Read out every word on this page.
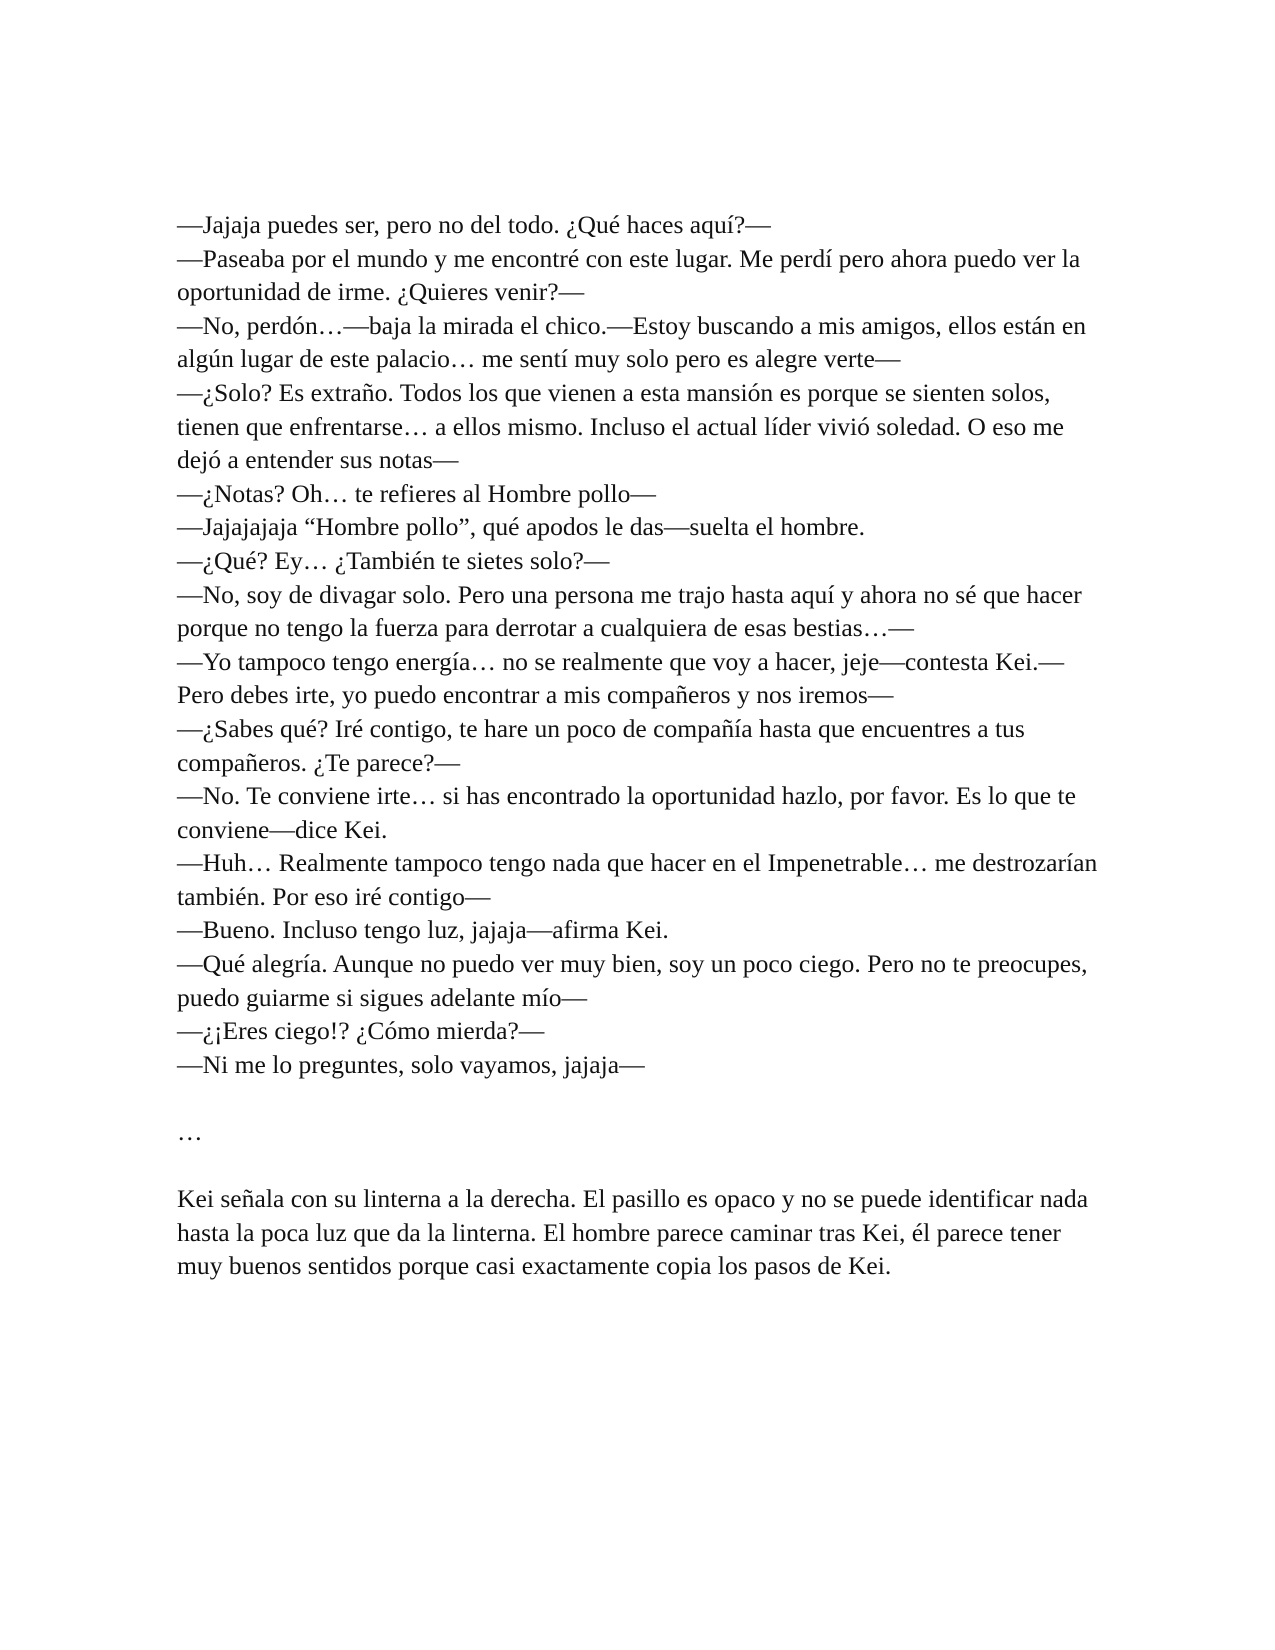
—Jajaja puedes ser, pero no del todo. ¿Qué haces aquí?—

—Paseaba por el mundo y me encontré con este lugar. Me perdí pero ahora puedo ver la oportunidad de irme. ¿Quieres venir?—

—No, perdón…—baja la mirada el chico.—Estoy buscando a mis amigos, ellos están en algún lugar de este palacio… me sentí muy solo pero es alegre verte—

—¿Solo? Es extraño. Todos los que vienen a esta mansión es porque se sienten solos, tienen que enfrentarse… a ellos mismo. Incluso el actual líder vivió soledad. O eso me dejó a entender sus notas—

—¿Notas? Oh… te refieres al Hombre pollo—

—Jajajajaja “Hombre pollo”, qué apodos le das—suelta el hombre.

—¿Qué? Ey… ¿También te sietes solo?—

—No, soy de divagar solo. Pero una persona me trajo hasta aquí y ahora no sé que hacer porque no tengo la fuerza para derrotar a cualquiera de esas bestias…—

—Yo tampoco tengo energía… no se realmente que voy a hacer, jeje—contesta Kei.—Pero debes irte, yo puedo encontrar a mis compañeros y nos iremos—

—¿Sabes qué? Iré contigo, te hare un poco de compañía hasta que encuentres a tus compañeros. ¿Te parece?—

—No. Te conviene irte… si has encontrado la oportunidad hazlo, por favor. Es lo que te conviene—dice Kei.

—Huh… Realmente tampoco tengo nada que hacer en el Impenetrable… me destrozarían también. Por eso iré contigo—

—Bueno. Incluso tengo luz, jajaja—afirma Kei.

—Qué alegría. Aunque no puedo ver muy bien, soy un poco ciego. Pero no te preocupes, puedo guiarme si sigues adelante mío—

—¿¡Eres ciego!? ¿Cómo mierda?—

—Ni me lo preguntes, solo vayamos, jajaja—

…

Kei señala con su linterna a la derecha. El pasillo es opaco y no se puede identificar nada hasta la poca luz que da la linterna. El hombre parece caminar tras Kei, él parece tener muy buenos sentidos porque casi exactamente copia los pasos de Kei.
